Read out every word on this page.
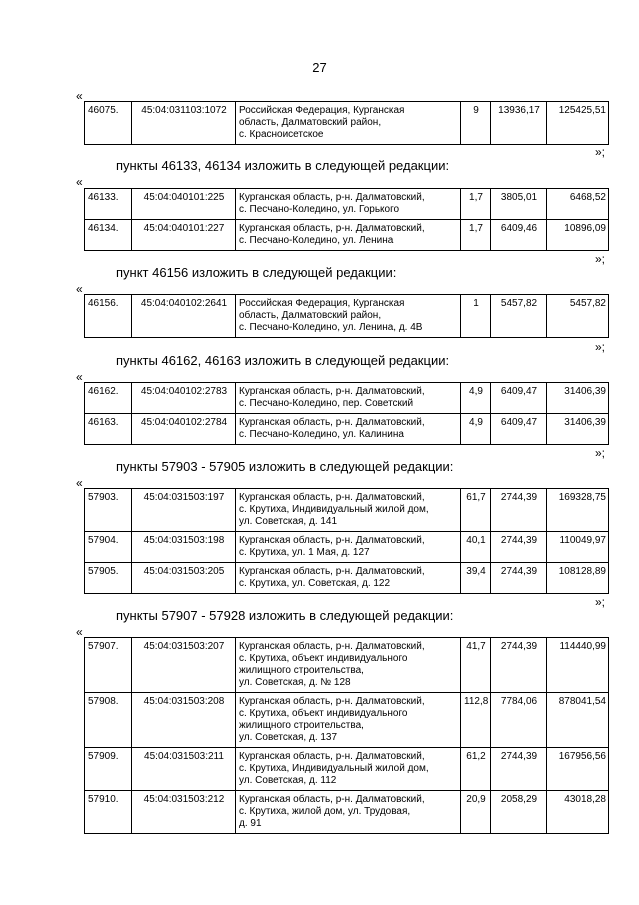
27
«
46075.	45:04:031103:1072	Российская Федерация, Курганская
область, Далматовский район,
с. Красноисетское
	9	13936,17	125425,51
»;
пункты 46133, 46134 изложить в следующей редакции:
«
46133.	45:04:040101:225	Курганская область, р-н. Далматовский,
с. Песчано-Коледино, ул. Горького	1,7	3805,01	6468,52
46134.	45:04:040101:227	Курганская область, р-н. Далматовский,
с. Песчано-Коледино, ул. Ленина	1,7	6409,46	10896,09
»;
пункт 46156 изложить в следующей редакции:
«
46156.	45:04:040102:2641	Российская Федерация, Курганская
область, Далматовский район,
с. Песчано-Коледино, ул. Ленина, д. 4В
	1	5457,82	5457,82
»;
пункты 46162, 46163 изложить в следующей редакции:
«
46162.	45:04:040102:2783	Курганская область, р-н. Далматовский,
с. Песчано-Коледино, пер. Советский	4,9	6409,47	31406,39
46163.	45:04:040102:2784	Курганская область, р-н. Далматовский,
с. Песчано-Коледино, ул. Калинина	4,9	6409,47	31406,39
»;
пункты 57903 - 57905 изложить в следующей редакции:
«
57903.	45:04:031503:197	Курганская область, р-н. Далматовский,
с. Крутиха, Индивидуальный жилой дом,
ул. Советская, д. 141	61,7	2744,39	169328,75
57904.	45:04:031503:198	Курганская область, р-н. Далматовский,
с. Крутиха, ул. 1 Мая, д. 127	40,1	2744,39	110049,97
57905.	45:04:031503:205	Курганская область, р-н. Далматовский,
с. Крутиха, ул. Советская, д. 122	39,4	2744,39	108128,89
»;
пункты 57907 - 57928 изложить в следующей редакции:
«
57907.	45:04:031503:207	Курганская область, р-н. Далматовский,
с. Крутиха, объект индивидуального
жилищного строительства,
ул. Советская, д. № 128	41,7	2744,39	114440,99
57908.	45:04:031503:208	Курганская область, р-н. Далматовский,
с. Крутиха, объект индивидуального
жилищного строительства,
ул. Советская, д. 137	112,8	7784,06	878041,54
57909.	45:04:031503:211	Курганская область, р-н. Далматовский,
с. Крутиха, Индивидуальный жилой дом,
ул. Советская, д. 112	61,2	2744,39	167956,56
57910.	45:04:031503:212	Курганская область, р-н. Далматовский,
с. Крутиха, жилой дом, ул. Трудовая,
д. 91	20,9	2058,29	43018,28
